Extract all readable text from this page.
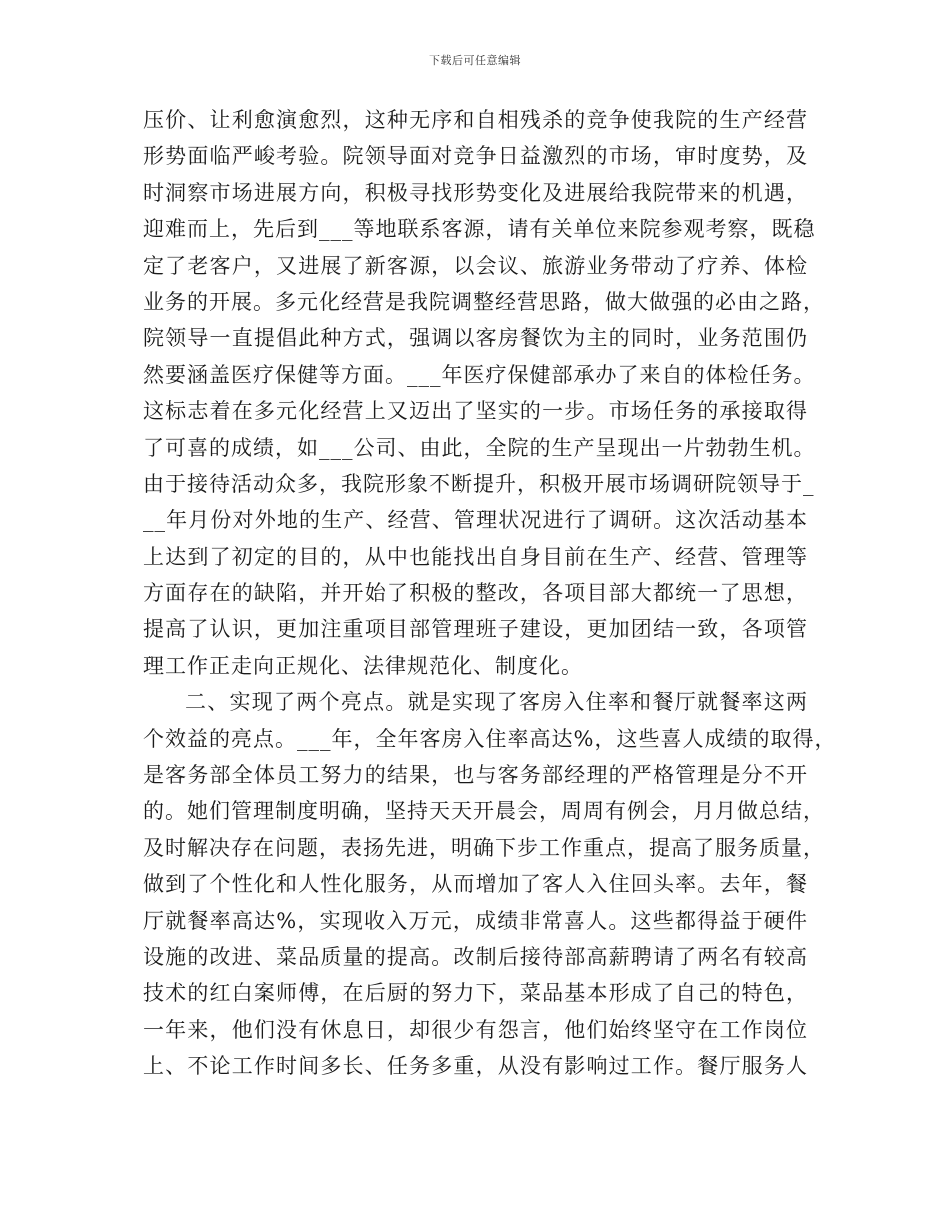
下载后可任意编辑
压价、让利愈演愈烈，这种无序和自相残杀的竞争使我院的生产经营
形势面临严峻考验。院领导面对竞争日益激烈的市场，审时度势，及
时洞察市场进展方向，积极寻找形势变化及进展给我院带来的机遇，
迎难而上，先后到___等地联系客源，请有关单位来院参观考察，既稳
定了老客户，又进展了新客源，以会议、旅游业务带动了疗养、体检
业务的开展。多元化经营是我院调整经营思路，做大做强的必由之路，
院领导一直提倡此种方式，强调以客房餐饮为主的同时，业务范围仍
然要涵盖医疗保健等方面。___年医疗保健部承办了来自的体检任务。
这标志着在多元化经营上又迈出了坚实的一步。市场任务的承接取得
了可喜的成绩，如___公司、由此，全院的生产呈现出一片勃勃生机。
由于接待活动众多，我院形象不断提升，积极开展市场调研院领导于_
__年月份对外地的生产、经营、管理状况进行了调研。这次活动基本
上达到了初定的目的，从中也能找出自身目前在生产、经营、管理等
方面存在的缺陷，并开始了积极的整改，各项目部大都统一了思想，
提高了认识，更加注重项目部管理班子建设，更加团结一致，各项管
理工作正走向正规化、法律规范化、制度化。
二、实现了两个亮点。就是实现了客房入住率和餐厅就餐率这两
个效益的亮点。___年，全年客房入住率高达%，这些喜人成绩的取得，
是客务部全体员工努力的结果，也与客务部经理的严格管理是分不开
的。她们管理制度明确，坚持天天开晨会，周周有例会，月月做总结，
及时解决存在问题，表扬先进，明确下步工作重点，提高了服务质量，
做到了个性化和人性化服务，从而增加了客人入住回头率。去年，餐
厅就餐率高达%，实现收入万元，成绩非常喜人。这些都得益于硬件
设施的改进、菜品质量的提高。改制后接待部高薪聘请了两名有较高
技术的红白案师傅，在后厨的努力下，菜品基本形成了自己的特色，
一年来，他们没有休息日，却很少有怨言，他们始终坚守在工作岗位
上、不论工作时间多长、任务多重，从没有影响过工作。餐厅服务人
